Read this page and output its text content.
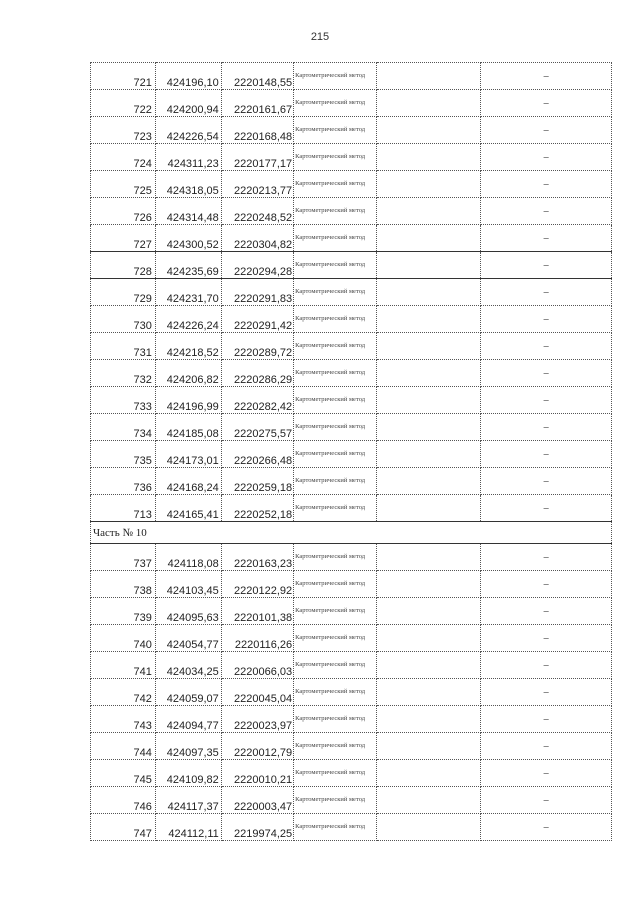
215
721	424196,10	2220148,55	Картометрический метод		–
722	424200,94	2220161,67	Картометрический метод		–
723	424226,54	2220168,48	Картометрический метод		–
724	424311,23	2220177,17	Картометрический метод		–
725	424318,05	2220213,77	Картометрический метод		–
726	424314,48	2220248,52	Картометрический метод		–
727	424300,52	2220304,82	Картометрический метод		–
728	424235,69	2220294,28	Картометрический метод		–
729	424231,70	2220291,83	Картометрический метод		–
730	424226,24	2220291,42	Картометрический метод		–
731	424218,52	2220289,72	Картометрический метод		–
732	424206,82	2220286,29	Картометрический метод		–
733	424196,99	2220282,42	Картометрический метод		–
734	424185,08	2220275,57	Картометрический метод		–
735	424173,01	2220266,48	Картометрический метод		–
736	424168,24	2220259,18	Картометрический метод		–
713	424165,41	2220252,18	Картометрический метод		–
Часть № 10					
737	424118,08	2220163,23	Картометрический метод		–
738	424103,45	2220122,92	Картометрический метод		–
739	424095,63	2220101,38	Картометрический метод		–
740	424054,77	2220116,26	Картометрический метод		–
741	424034,25	2220066,03	Картометрический метод		–
742	424059,07	2220045,04	Картометрический метод		–
743	424094,77	2220023,97	Картометрический метод		–
744	424097,35	2220012,79	Картометрический метод		–
745	424109,82	2220010,21	Картометрический метод		–
746	424117,37	2220003,47	Картометрический метод		–
747	424112,11	2219974,25	Картометрический метод		–
